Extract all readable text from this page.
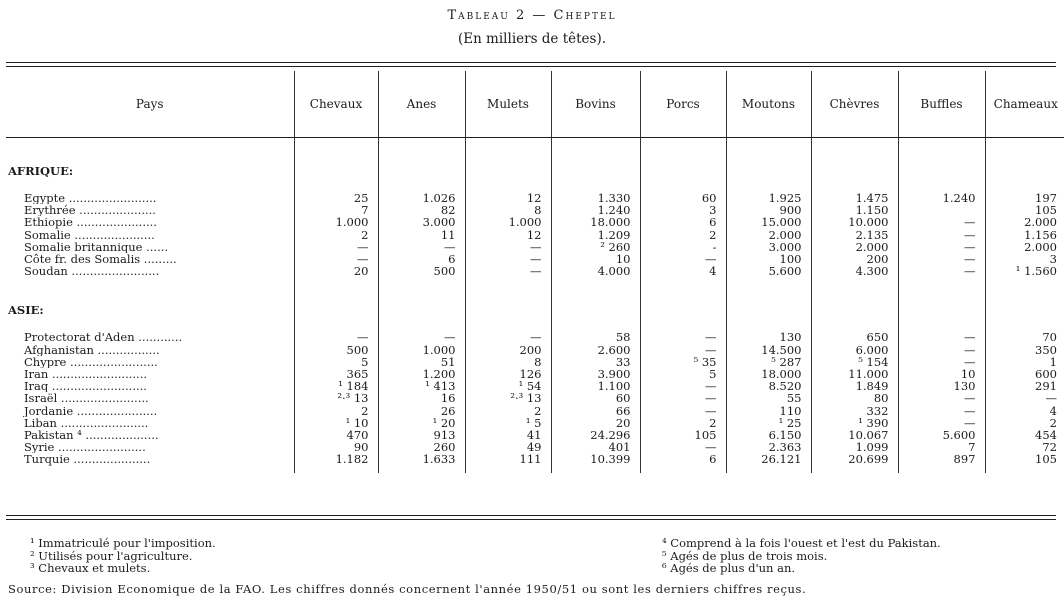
Tableau 2 — Cheptel
(En milliers de têtes).
Pays	Chevaux	Anes	Mulets	Bovins	Porcs	Moutons	Chèvres	Buffles	Chameaux

AFRIQUE:									

Egypte ........................	25	1.026	12	1.330	60	1.925	1.475	1.240	197
Erythrée .....................	7	82	8	1.240	3	900	1.150		105
Ethiopie ......................	1.000	3.000	1.000	18.000	6	15.000	10.000	—	2.000
Somalie ......................	2	11	12	1.209	2	2.000	2.135	—	1.156
Somalie britannique ......	—	—	—	² 260	-	3.000	2.000	—	2.000
Côte fr. des Somalis .........	—	6	—	10	—	100	200	—	3
Soudan ........................	20	500	—	4.000	4	5.600	4.300	—	¹ 1.560

ASIE:									

Protectorat d'Aden ............	—	—	—	58	—	130	650	—	70
Afghanistan .................	500	1.000	200	2.600	—	14.500	6.000	—	350
Chypre ........................	5	51	8	33	⁵ 35	⁵ 287	⁵ 154	—	1
Iran ..........................	365	1.200	126	3.900	5	18.000	11.000	10	600
Iraq ..........................	¹ 184	¹ 413	¹ 54	1.100	—	8.520	1.849	130	291
Israël ........................	²·³ 13	16	²·³ 13	60	—	55	80	—	—
Jordanie ......................	2	26	2	66	—	110	332	—	4
Liban ........................	¹ 10	¹ 20	¹ 5	20	2	¹ 25	¹ 390	—	2
Pakistan ⁴ ....................	470	913	41	24.296	105	6.150	10.067	5.600	454
Syrie ........................	90	260	49	401	—	2.363	1.099	7	72
Turquie .....................	1.182	1.633	111	10.399	6	26.121	20.699	897	105

¹ Immatriculé pour l'imposition.
² Utilisés pour l'agriculture.
³ Chevaux et mulets.
⁴ Comprend à la fois l'ouest et l'est du Pakistan.
⁵ Agés de plus de trois mois.
⁶ Agés de plus d'un an.
Source: Division Economique de la FAO. Les chiffres donnés concernent l'année 1950/51 ou sont les derniers chiffres reçus.
